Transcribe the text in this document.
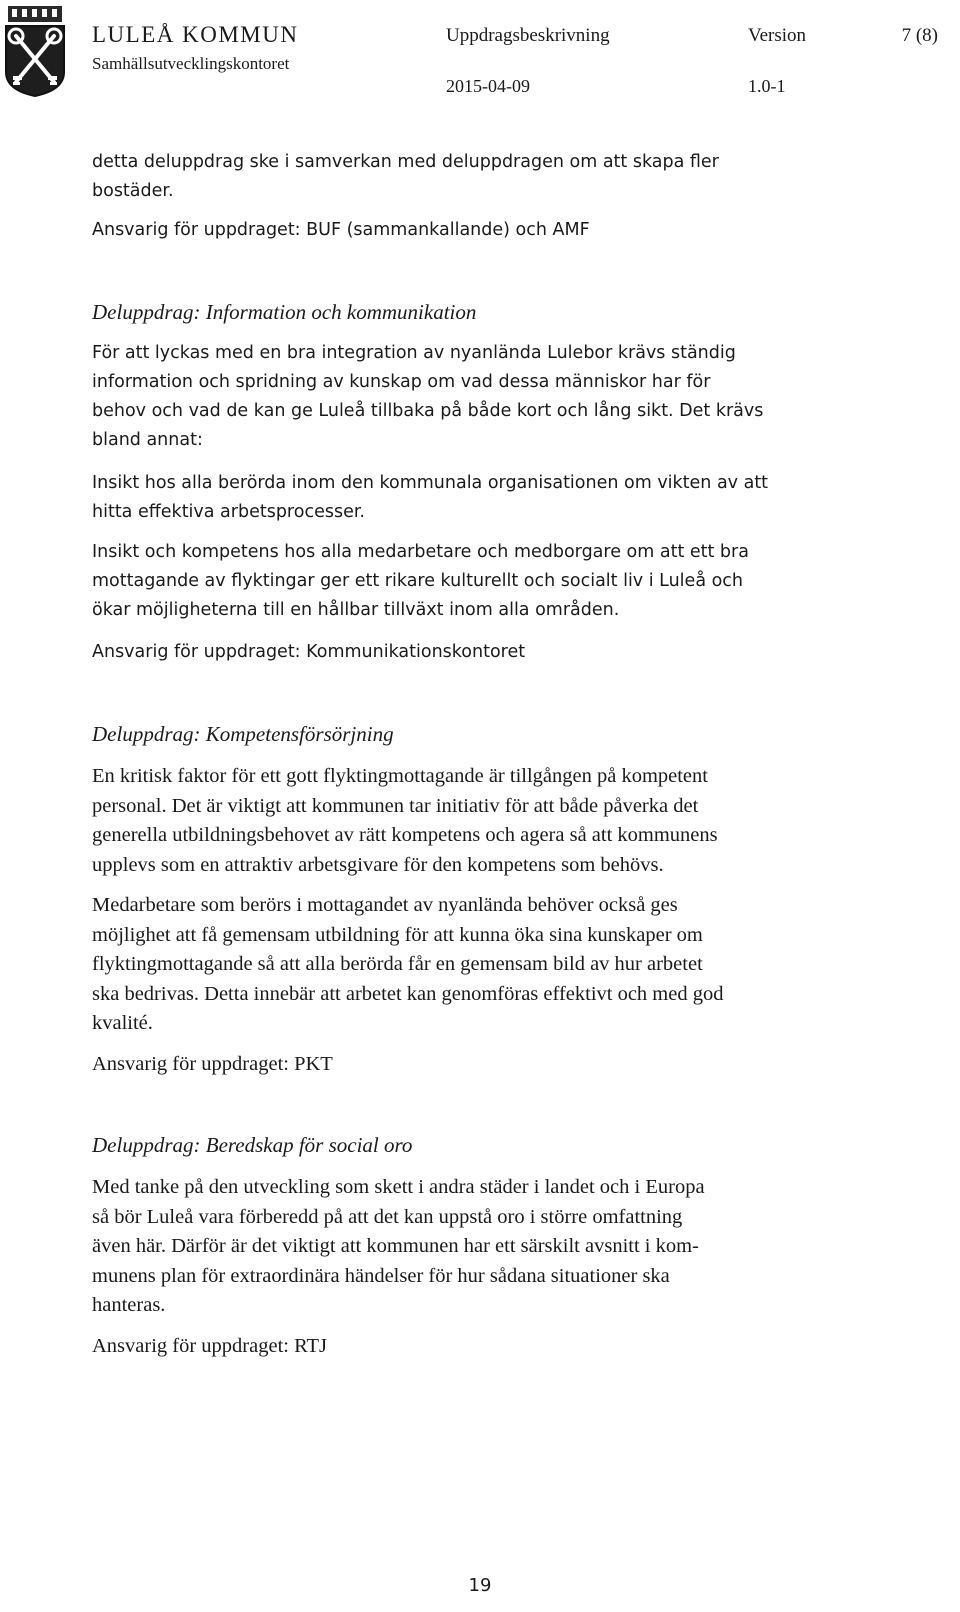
LULEÅ KOMMUN
Samhällsutvecklingskontoret
Uppdragsbeskrivning
2015-04-09
Version
1.0-1
7 (8)

detta deluppdrag ske i samverkan med deluppdragen om att skapa fler
bostäder.

Ansvarig för uppdraget: BUF (sammankallande) och AMF

Deluppdrag: Information och kommunikation

För att lyckas med en bra integration av nyanlända Lulebor krävs ständig
information och spridning av kunskap om vad dessa människor har för
behov och vad de kan ge Luleå tillbaka på både kort och lång sikt. Det krävs
bland annat:

Insikt hos alla berörda inom den kommunala organisationen om vikten av att
hitta effektiva arbetsprocesser.

Insikt och kompetens hos alla medarbetare och medborgare om att ett bra
mottagande av flyktingar ger ett rikare kulturellt och socialt liv i Luleå och
ökar möjligheterna till en hållbar tillväxt inom alla områden.

Ansvarig för uppdraget: Kommunikationskontoret

Deluppdrag: Kompetensförsörjning

En kritisk faktor för ett gott flyktingmottagande är tillgången på kompetent
personal. Det är viktigt att kommunen tar initiativ för att både påverka det
generella utbildningsbehovet av rätt kompetens och agera så att kommunens
upplevs som en attraktiv arbetsgivare för den kompetens som behövs.

Medarbetare som berörs i mottagandet av nyanlända behöver också ges
möjlighet att få gemensam utbildning för att kunna öka sina kunskaper om
flyktingmottagande så att alla berörda får en gemensam bild av hur arbetet
ska bedrivas. Detta innebär att arbetet kan genomföras effektivt och med god
kvalité.

Ansvarig för uppdraget: PKT

Deluppdrag: Beredskap för social oro

Med tanke på den utveckling som skett i andra städer i landet och i Europa
så bör Luleå vara förberedd på att det kan uppstå oro i större omfattning
även här. Därför är det viktigt att kommunen har ett särskilt avsnitt i kom-
munens plan för extraordinära händelser för hur sådana situationer ska
hanteras.

Ansvarig för uppdraget: RTJ

19
